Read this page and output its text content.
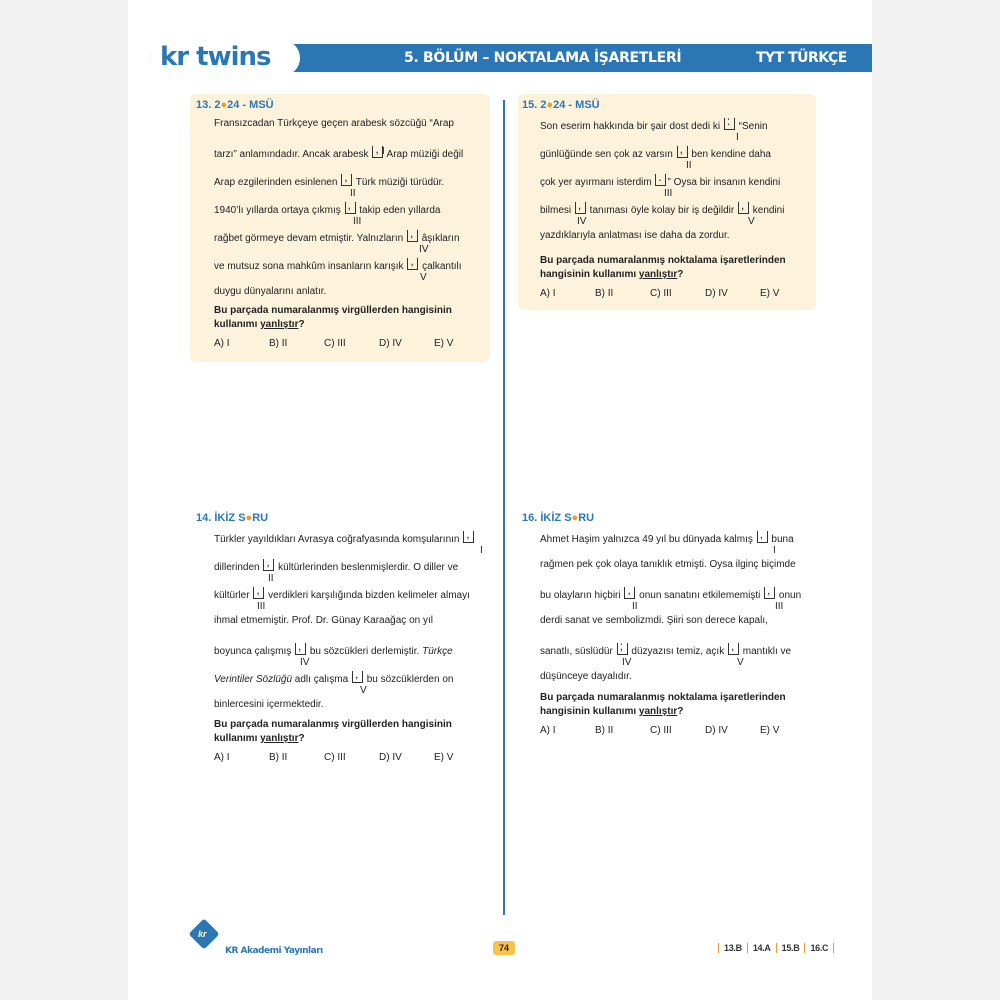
kr twins	5. BÖLÜM – NOKTALAMA İŞARETLERİ	TYT TÜRKÇE
13. 2●24 - MSÜ
Fransızcadan Türkçeye geçen arabesk sözcüğü “Arap
tarzı” anlamındadır. Ancak arabesk , Arap müziği değil
Arap ezgilerinden esinlenen , Türk müziği türüdür.
1940’lı yıllarda ortaya çıkmış , takip eden yıllarda
rağbet görmeye devam etmiştir. Yalnızların , âşıkların
ve mutsuz sona mahkûm insanların karışık , çalkantılı
duygu dünyalarını anlatır.
I
II
III
IV
V
Bu parçada numaralanmış virgüllerden hangisinin
kullanımı yanlıştır?
A) I	B) II	C) III	D) IV	E) V
15. 2●24 - MSÜ
Son eserim hakkında bir şair dost dedi ki : “Senin
günlüğünde sen çok az varsın , ben kendine daha
çok yer ayırmanı isterdim . ” Oysa bir insanın kendini
bilmesi , tanıması öyle kolay bir iş değildir , kendini
yazdıklarıyla anlatması ise daha da zordur.
I
II
III
IV	V
Bu parçada numaralanmış noktalama işaretlerinden
hangisinin kullanımı yanlıştır?
A) I	B) II	C) III	D) IV	E) V
14. İKİZ S●RU
Türkler yayıldıkları Avrasya coğrafyasında komşularının ,
dillerinden , kültürlerinden beslenmişlerdir. O diller ve
kültürler , verdikleri karşılığında bizden kelimeler almayı
ihmal etmemiştir. Prof. Dr. Günay Karaağaç on yıl
boyunca çalışmış , bu sözcükleri derlemiştir. Türkçe
Verintiler Sözlüğü adlı çalışma , bu sözcüklerden on
binlercesini içermektedir.
I
II
III
IV
V
Bu parçada numaralanmış virgüllerden hangisinin
kullanımı yanlıştır?
A) I	B) II	C) III	D) IV	E) V
16. İKİZ S●RU
Ahmet Haşim yalnızca 49 yıl bu dünyada kalmış , buna
rağmen pek çok olaya tanıklık etmişti. Oysa ilginç biçimde
bu olayların hiçbiri , onun sanatını etkilememişti , onun
derdi sanat ve sembolizmdi. Şiiri son derece kapalı,
sanatlı, süslüdür ; düzyazısı temiz, açık , mantıklı ve
düşünceye dayalıdır.
I
II	III
IV	V
Bu parçada numaralanmış noktalama işaretlerinden
hangisinin kullanımı yanlıştır?
A) I	B) II	C) III	D) IV	E) V
kr
KR Akademi Yayınları	74	13.B 14.A 15.B 16.C
